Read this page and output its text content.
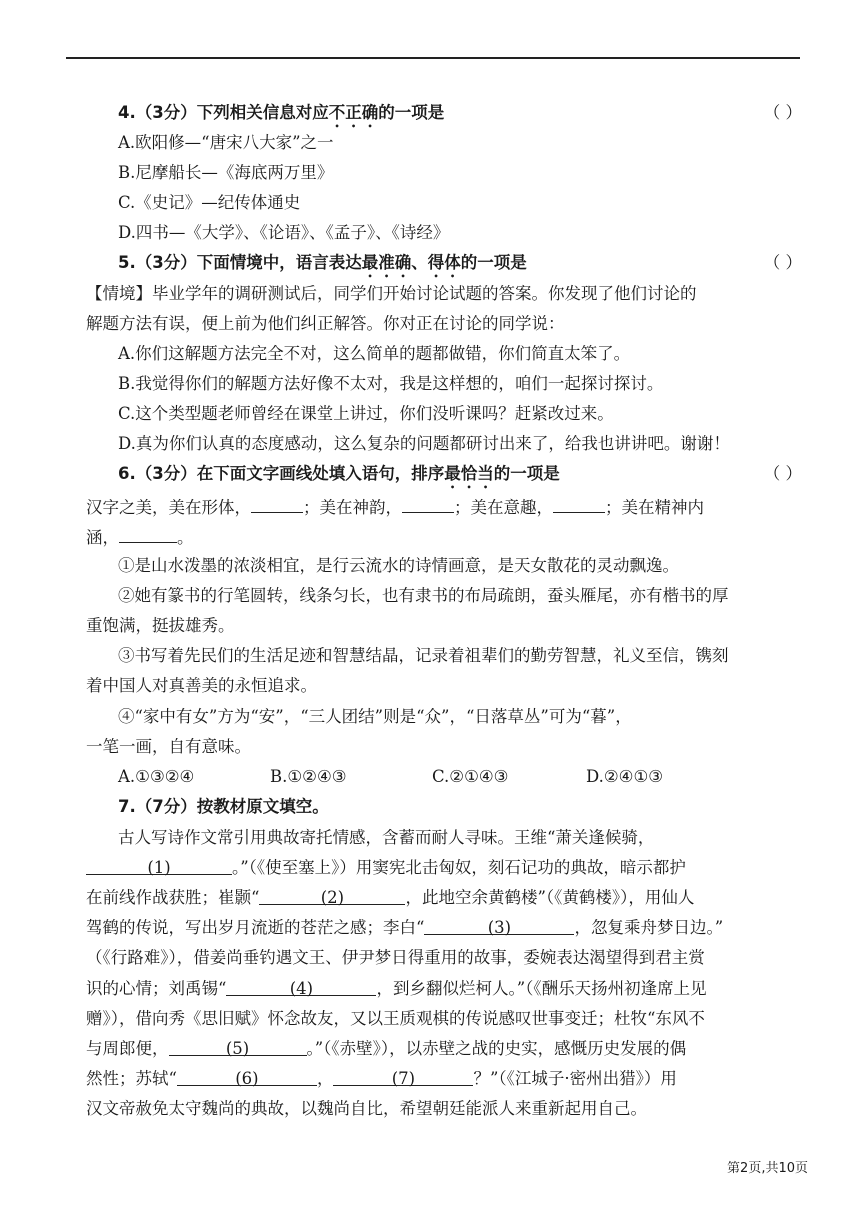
4.（3分）下列相关信息对应不正确的一项是	（ ）
A.欧阳修—“唐宋八大家”之一
B.尼摩船长—《海底两万里》
C.《史记》—纪传体通史
D.四书—《大学》、《论语》、《孟子》、《诗经》
5.（3分）下面情境中，语言表达最准确、得体的一项是	（ ）
【情境】毕业学年的调研测试后，同学们开始讨论试题的答案。你发现了他们讨论的
解题方法有误，便上前为他们纠正解答。你对正在讨论的同学说：
A.你们这解题方法完全不对，这么简单的题都做错，你们简直太笨了。
B.我觉得你们的解题方法好像不太对，我是这样想的，咱们一起探讨探讨。
C.这个类型题老师曾经在课堂上讲过，你们没听课吗？赶紧改过来。
D.真为你们认真的态度感动，这么复杂的问题都研讨出来了，给我也讲讲吧。谢谢！
6.（3分）在下面文字画线处填入语句，排序最恰当的一项是	（ ）
汉字之美，美在形体，	；美在神韵，	；美在意趣，	；美在精神内
涵，	。
①是山水泼墨的浓淡相宜，是行云流水的诗情画意，是天女散花的灵动飘逸。
②她有篆书的行笔圆转，线条匀长，也有隶书的布局疏朗，蚕头雁尾，亦有楷书的厚
重饱满，挺拔雄秀。
③书写着先民们的生活足迹和智慧结晶，记录着祖辈们的勤劳智慧，礼义至信，镌刻
着中国人对真善美的永恒追求。
④“家中有女”方为“安”，“三人团结”则是“众”，“日落草丛”可为“暮”，
一笔一画，自有意味。
A.①③②④	B.①②④③	C.②①④③	D.②④①③
7.（7分）按教材原文填空。
古人写诗作文常引用典故寄托情感，含蓄而耐人寻味。王维“萧关逢候骑，
(1)	。”（《使至塞上》）用窦宪北击匈奴，刻石记功的典故，暗示都护
在前线作战获胜；崔颢“	(2)	，此地空余黄鹤楼”（《黄鹤楼》），用仙人
驾鹤的传说，写出岁月流逝的苍茫之感；李白“	(3)	，忽复乘舟梦日边。”
（《行路难》），借姜尚垂钓遇文王、伊尹梦日得重用的故事，委婉表达渴望得到君主赏
识的心情；刘禹锡“	(4)	，到乡翻似烂柯人。”（《酬乐天扬州初逢席上见
赠》），借向秀《思旧赋》怀念故友，又以王质观棋的传说感叹世事变迁；杜牧“东风不
与周郎便，	(5)	。”（《赤壁》），以赤壁之战的史实，感慨历史发展的偶
然性；苏轼“	(6)	，	(7)	？”（《江城子·密州出猎》）用
汉文帝赦免太守魏尚的典故，以魏尚自比，希望朝廷能派人来重新起用自己。
第2页,共10页
